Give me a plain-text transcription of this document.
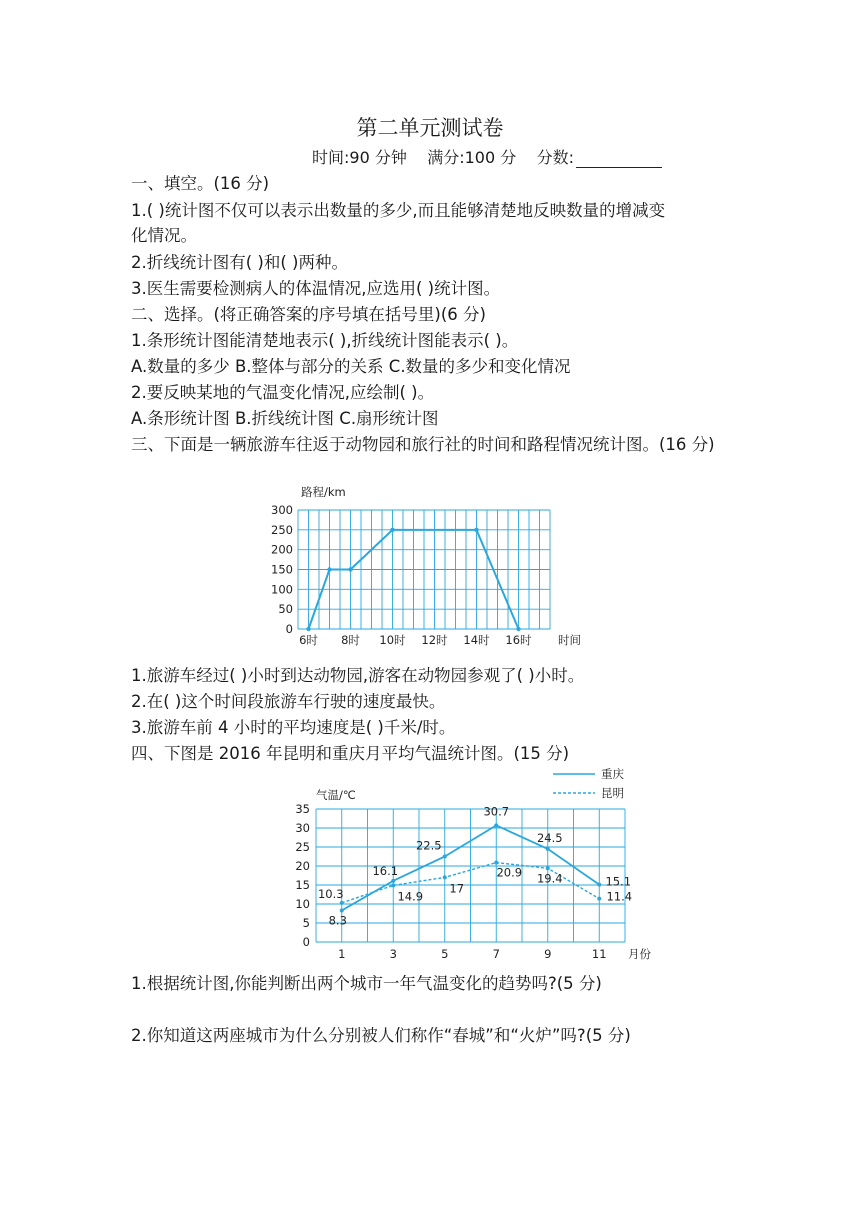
第二单元测试卷
时间:90 分钟 满分:100 分 分数:
一、填空。(16 分)
1.( )统计图不仅可以表示出数量的多少,而且能够清楚地反映数量的增减变
化情况。
2.折线统计图有( )和( )两种。
3.医生需要检测病人的体温情况,应选用( )统计图。
二、选择。(将正确答案的序号填在括号里)(6 分)
1.条形统计图能清楚地表示( ),折线统计图能表示( )。
A.数量的多少 B.整体与部分的关系 C.数量的多少和变化情况
2.要反映某地的气温变化情况,应绘制( )。
A.条形统计图 B.折线统计图 C.扇形统计图
三、下面是一辆旅游车往返于动物园和旅行社的时间和路程情况统计图。(16 分)
0
50
100
150
200
250
300
路程/km
6时 8时 10时 12时 14时 16时 时间
1.旅游车经过( )小时到达动物园,游客在动物园参观了( )小时。
2.在( )这个时间段旅游车行驶的速度最快。
3.旅游车前 4 小时的平均速度是( )千米/时。
四、下图是 2016 年昆明和重庆月平均气温统计图。(15 分)
0
5
10
15
20
25
30
35
气温/℃
1	3	5	7	9	11 月份
重庆
昆明
8.3
16.1
22.5
30.7
24.5
15.1
10.3	14.9
17
20.9 19.4
11.4
1.根据统计图,你能判断出两个城市一年气温变化的趋势吗?(5 分)
2.你知道这两座城市为什么分别被人们称作“春城”和“火炉”吗?(5 分)
